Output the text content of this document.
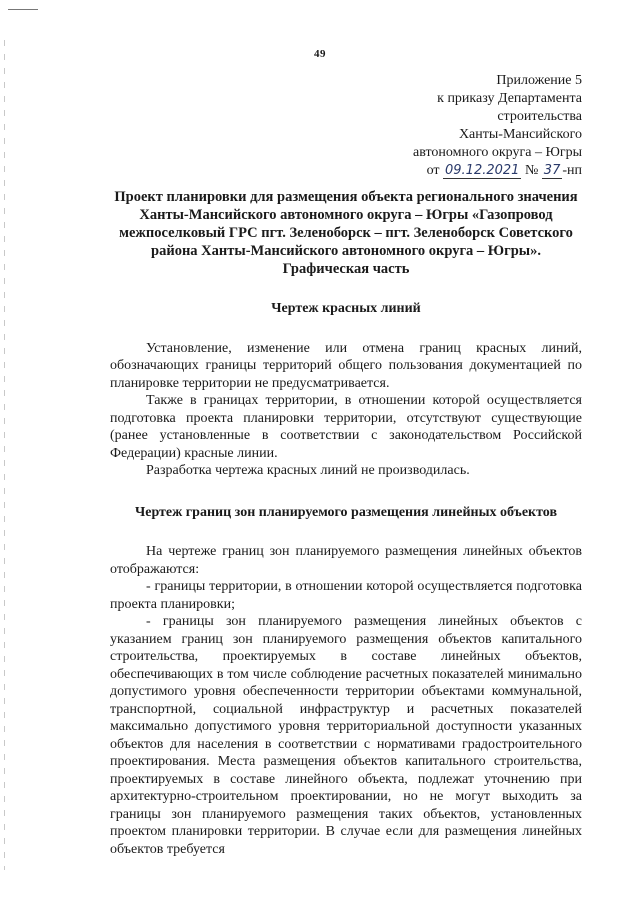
49
Приложение 5
к приказу Департамента
строительства
Ханты-Мансийского
автономного округа – Югры
от 09.12.2021 № 37 -нп
Проект планировки для размещения объекта регионального значения Ханты-Мансийского автономного округа – Югры «Газопровод межпоселковый ГРС пгт. Зеленоборск – пгт. Зеленоборск Советского района Ханты-Мансийского автономного округа – Югры». Графическая часть
Чертеж красных линий

Установление, изменение или отмена границ красных линий, обозначающих границы территорий общего пользования документацией по планировке территории не предусматривается.

Также в границах территории, в отношении которой осуществляется подготовка проекта планировки территории, отсутствуют существующие (ранее установленные в соответствии с законодательством Российской Федерации) красные линии.

Разработка чертежа красных линий не производилась.

Чертеж границ зон планируемого размещения линейных объектов

На чертеже границ зон планируемого размещения линейных объектов отображаются:

- границы территории, в отношении которой осуществляется подготовка проекта планировки;

- границы зон планируемого размещения линейных объектов с указанием границ зон планируемого размещения объектов капитального строительства, проектируемых в составе линейных объектов, обеспечивающих в том числе соблюдение расчетных показателей минимально допустимого уровня обеспеченности территории объектами коммунальной, транспортной, социальной инфраструктур и расчетных показателей максимально допустимого уровня территориальной доступности указанных объектов для населения в соответствии с нормативами градостроительного проектирования. Места размещения объектов капитального строительства, проектируемых в составе линейного объекта, подлежат уточнению при архитектурно-строительном проектировании, но не могут выходить за границы зон планируемого размещения таких объектов, установленных проектом планировки территории. В случае если для размещения линейных объектов требуется
